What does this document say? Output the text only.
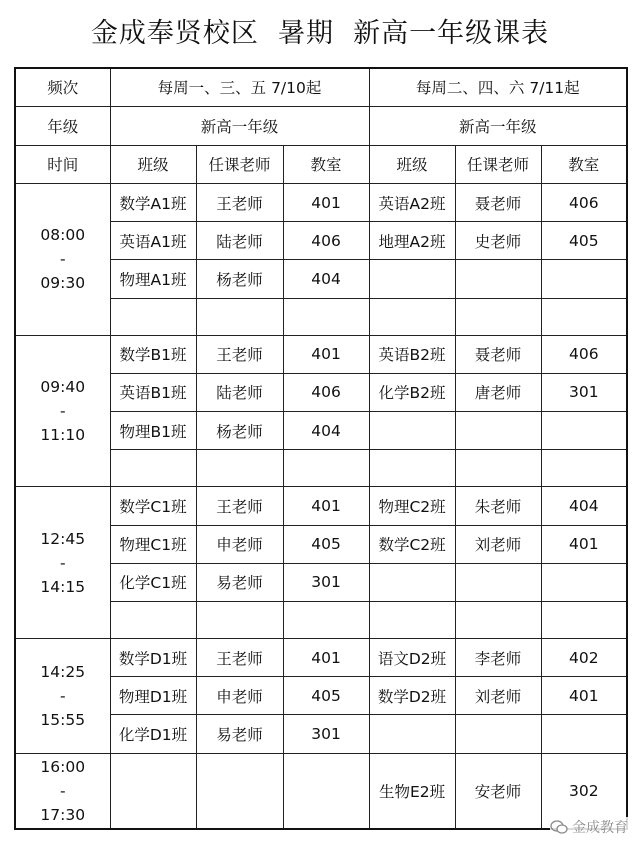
金成奉贤校区  暑期  新高一年级课表
频次	每周一、三、五 7/10起			每周二、四、六 7/11起		
年级	新高一年级			新高一年级		
时间	班级	任课老师	教室	班级	任课老师	教室

08:00
-
09:30	数学A1班	王老师	401	英语A2班	聂老师	406
	英语A1班	陆老师	406	地理A2班	史老师	405
	物理A1班	杨老师	404			

09:40
-
11:10	数学B1班	王老师	401	英语B2班	聂老师	406
	英语B1班	陆老师	406	化学B2班	唐老师	301
	物理B1班	杨老师	404			

12:45
-
14:15	数学C1班	王老师	401	物理C2班	朱老师	404
	物理C1班	申老师	405	数学C2班	刘老师	401
	化学C1班	易老师	301			

14:25
-
15:55	数学D1班	王老师	401	语文D2班	李老师	402
	物理D1班	申老师	405	数学D2班	刘老师	401
	化学D1班	易老师	301			

16:00
-
17:30				生物E2班	安老师	302
金成教育
